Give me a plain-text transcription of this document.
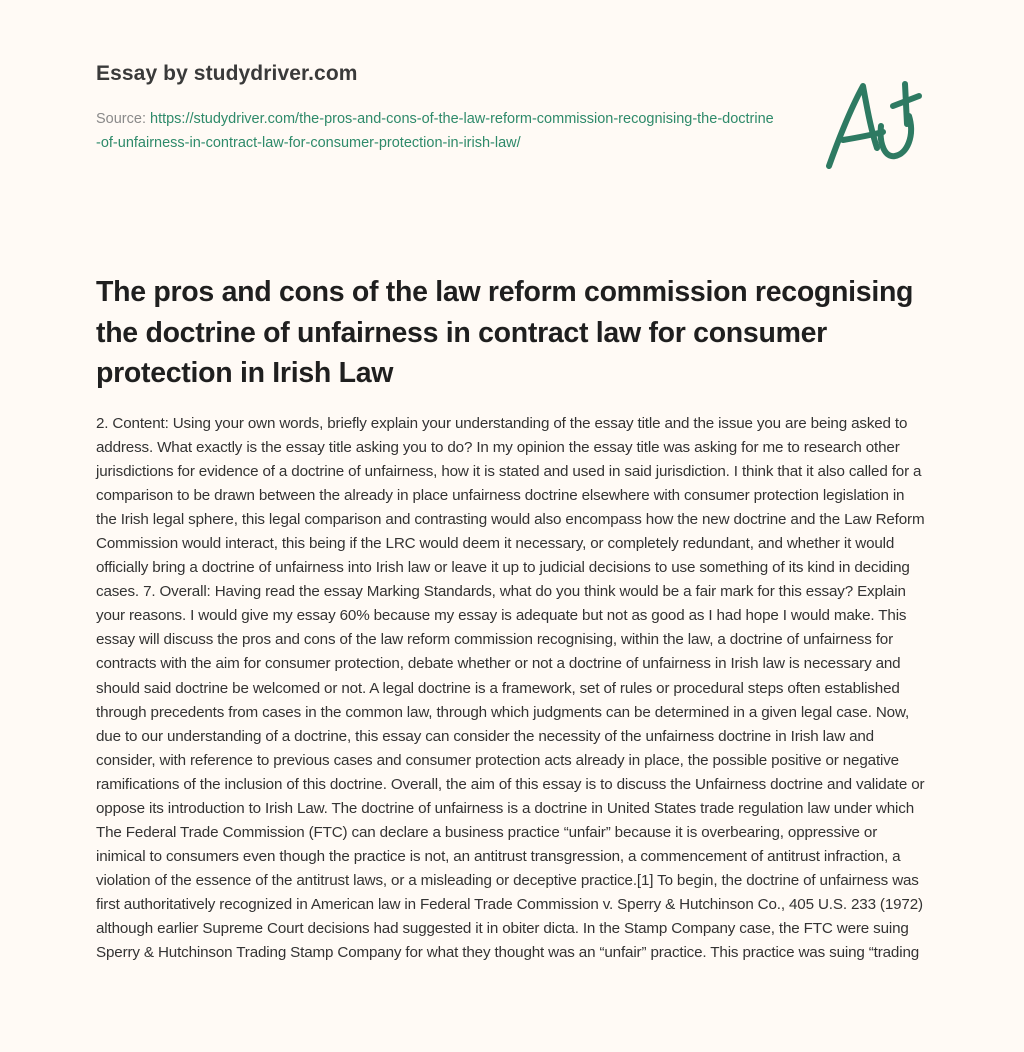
Essay by studydriver.com
Source: https://studydriver.com/the-pros-and-cons-of-the-law-reform-commission-recognising-the-doctrine-of-unfairness-in-contract-law-for-consumer-protection-in-irish-law/
The pros and cons of the law reform commission recognising the doctrine of unfairness in contract law for consumer protection in Irish Law

2. Content: Using your own words, briefly explain your understanding of the essay title and the issue you are being asked to address. What exactly is the essay title asking you to do? In my opinion the essay title was asking for me to research other jurisdictions for evidence of a doctrine of unfairness, how it is stated and used in said jurisdiction. I think that it also called for a comparison to be drawn between the already in place unfairness doctrine elsewhere with consumer protection legislation in the Irish legal sphere, this legal comparison and contrasting would also encompass how the new doctrine and the Law Reform Commission would interact, this being if the LRC would deem it necessary, or completely redundant, and whether it would officially bring a doctrine of unfairness into Irish law or leave it up to judicial decisions to use something of its kind in deciding cases. 7. Overall: Having read the essay Marking Standards, what do you think would be a fair mark for this essay? Explain your reasons. I would give my essay 60% because my essay is adequate but not as good as I had hope I would make. This essay will discuss the pros and cons of the law reform commission recognising, within the law, a doctrine of unfairness for contracts with the aim for consumer protection, debate whether or not a doctrine of unfairness in Irish law is necessary and should said doctrine be welcomed or not. A legal doctrine is a framework, set of rules or procedural steps often established through precedents from cases in the common law, through which judgments can be determined in a given legal case. Now, due to our understanding of a doctrine, this essay can consider the necessity of the unfairness doctrine in Irish law and consider, with reference to previous cases and consumer protection acts already in place, the possible positive or negative ramifications of the inclusion of this doctrine. Overall, the aim of this essay is to discuss the Unfairness doctrine and validate or oppose its introduction to Irish Law. The doctrine of unfairness is a doctrine in United States trade regulation law under which The Federal Trade Commission (FTC) can declare a business practice “unfair” because it is overbearing, oppressive or inimical to consumers even though the practice is not, an antitrust transgression, a commencement of antitrust infraction, a violation of the essence of the antitrust laws, or a misleading or deceptive practice.[1] To begin, the doctrine of unfairness was first authoritatively recognized in American law in Federal Trade Commission v. Sperry & Hutchinson Co., 405 U.S. 233 (1972) although earlier Supreme Court decisions had suggested it in obiter dicta. In the Stamp Company case, the FTC were suing Sperry & Hutchinson Trading Stamp Company for what they thought was an “unfair” practice. This practice was suing “trading
